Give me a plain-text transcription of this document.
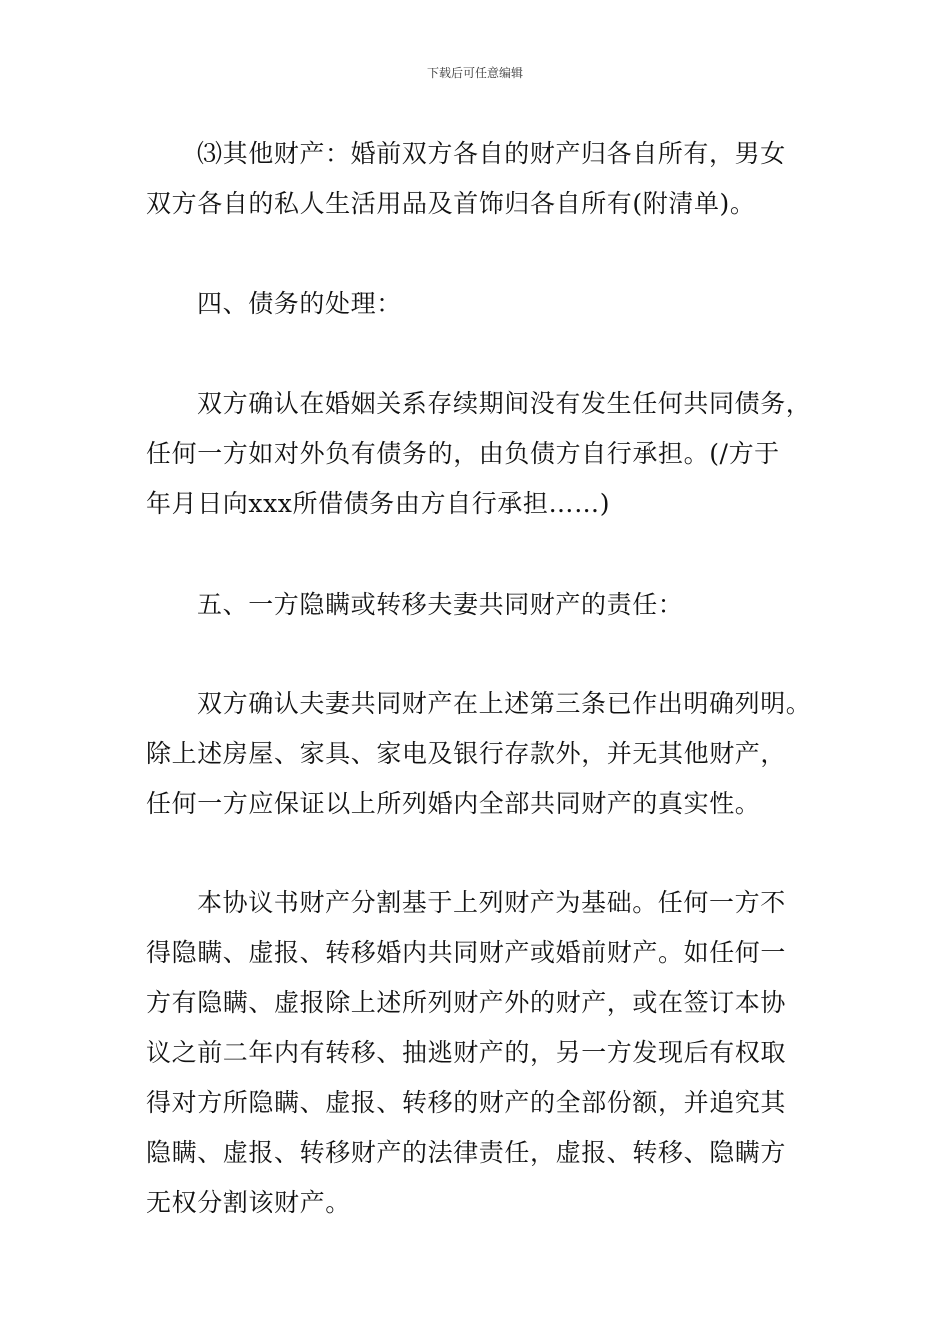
下载后可任意编辑
⑶其他财产：婚前双方各自的财产归各自所有，男女
双方各自的私人生活用品及首饰归各自所有(附清单)。
四、债务的处理：
双方确认在婚姻关系存续期间没有发生任何共同债务，
任何一方如对外负有债务的，由负债方自行承担。(/方于
年月日向xxx所借债务由方自行承担……)
五、一方隐瞒或转移夫妻共同财产的责任：
双方确认夫妻共同财产在上述第三条已作出明确列明。
除上述房屋、家具、家电及银行存款外，并无其他财产，
任何一方应保证以上所列婚内全部共同财产的真实性。
本协议书财产分割基于上列财产为基础。任何一方不
得隐瞒、虚报、转移婚内共同财产或婚前财产。如任何一
方有隐瞒、虚报除上述所列财产外的财产，或在签订本协
议之前二年内有转移、抽逃财产的，另一方发现后有权取
得对方所隐瞒、虚报、转移的财产的全部份额，并追究其
隐瞒、虚报、转移财产的法律责任，虚报、转移、隐瞒方
无权分割该财产。
